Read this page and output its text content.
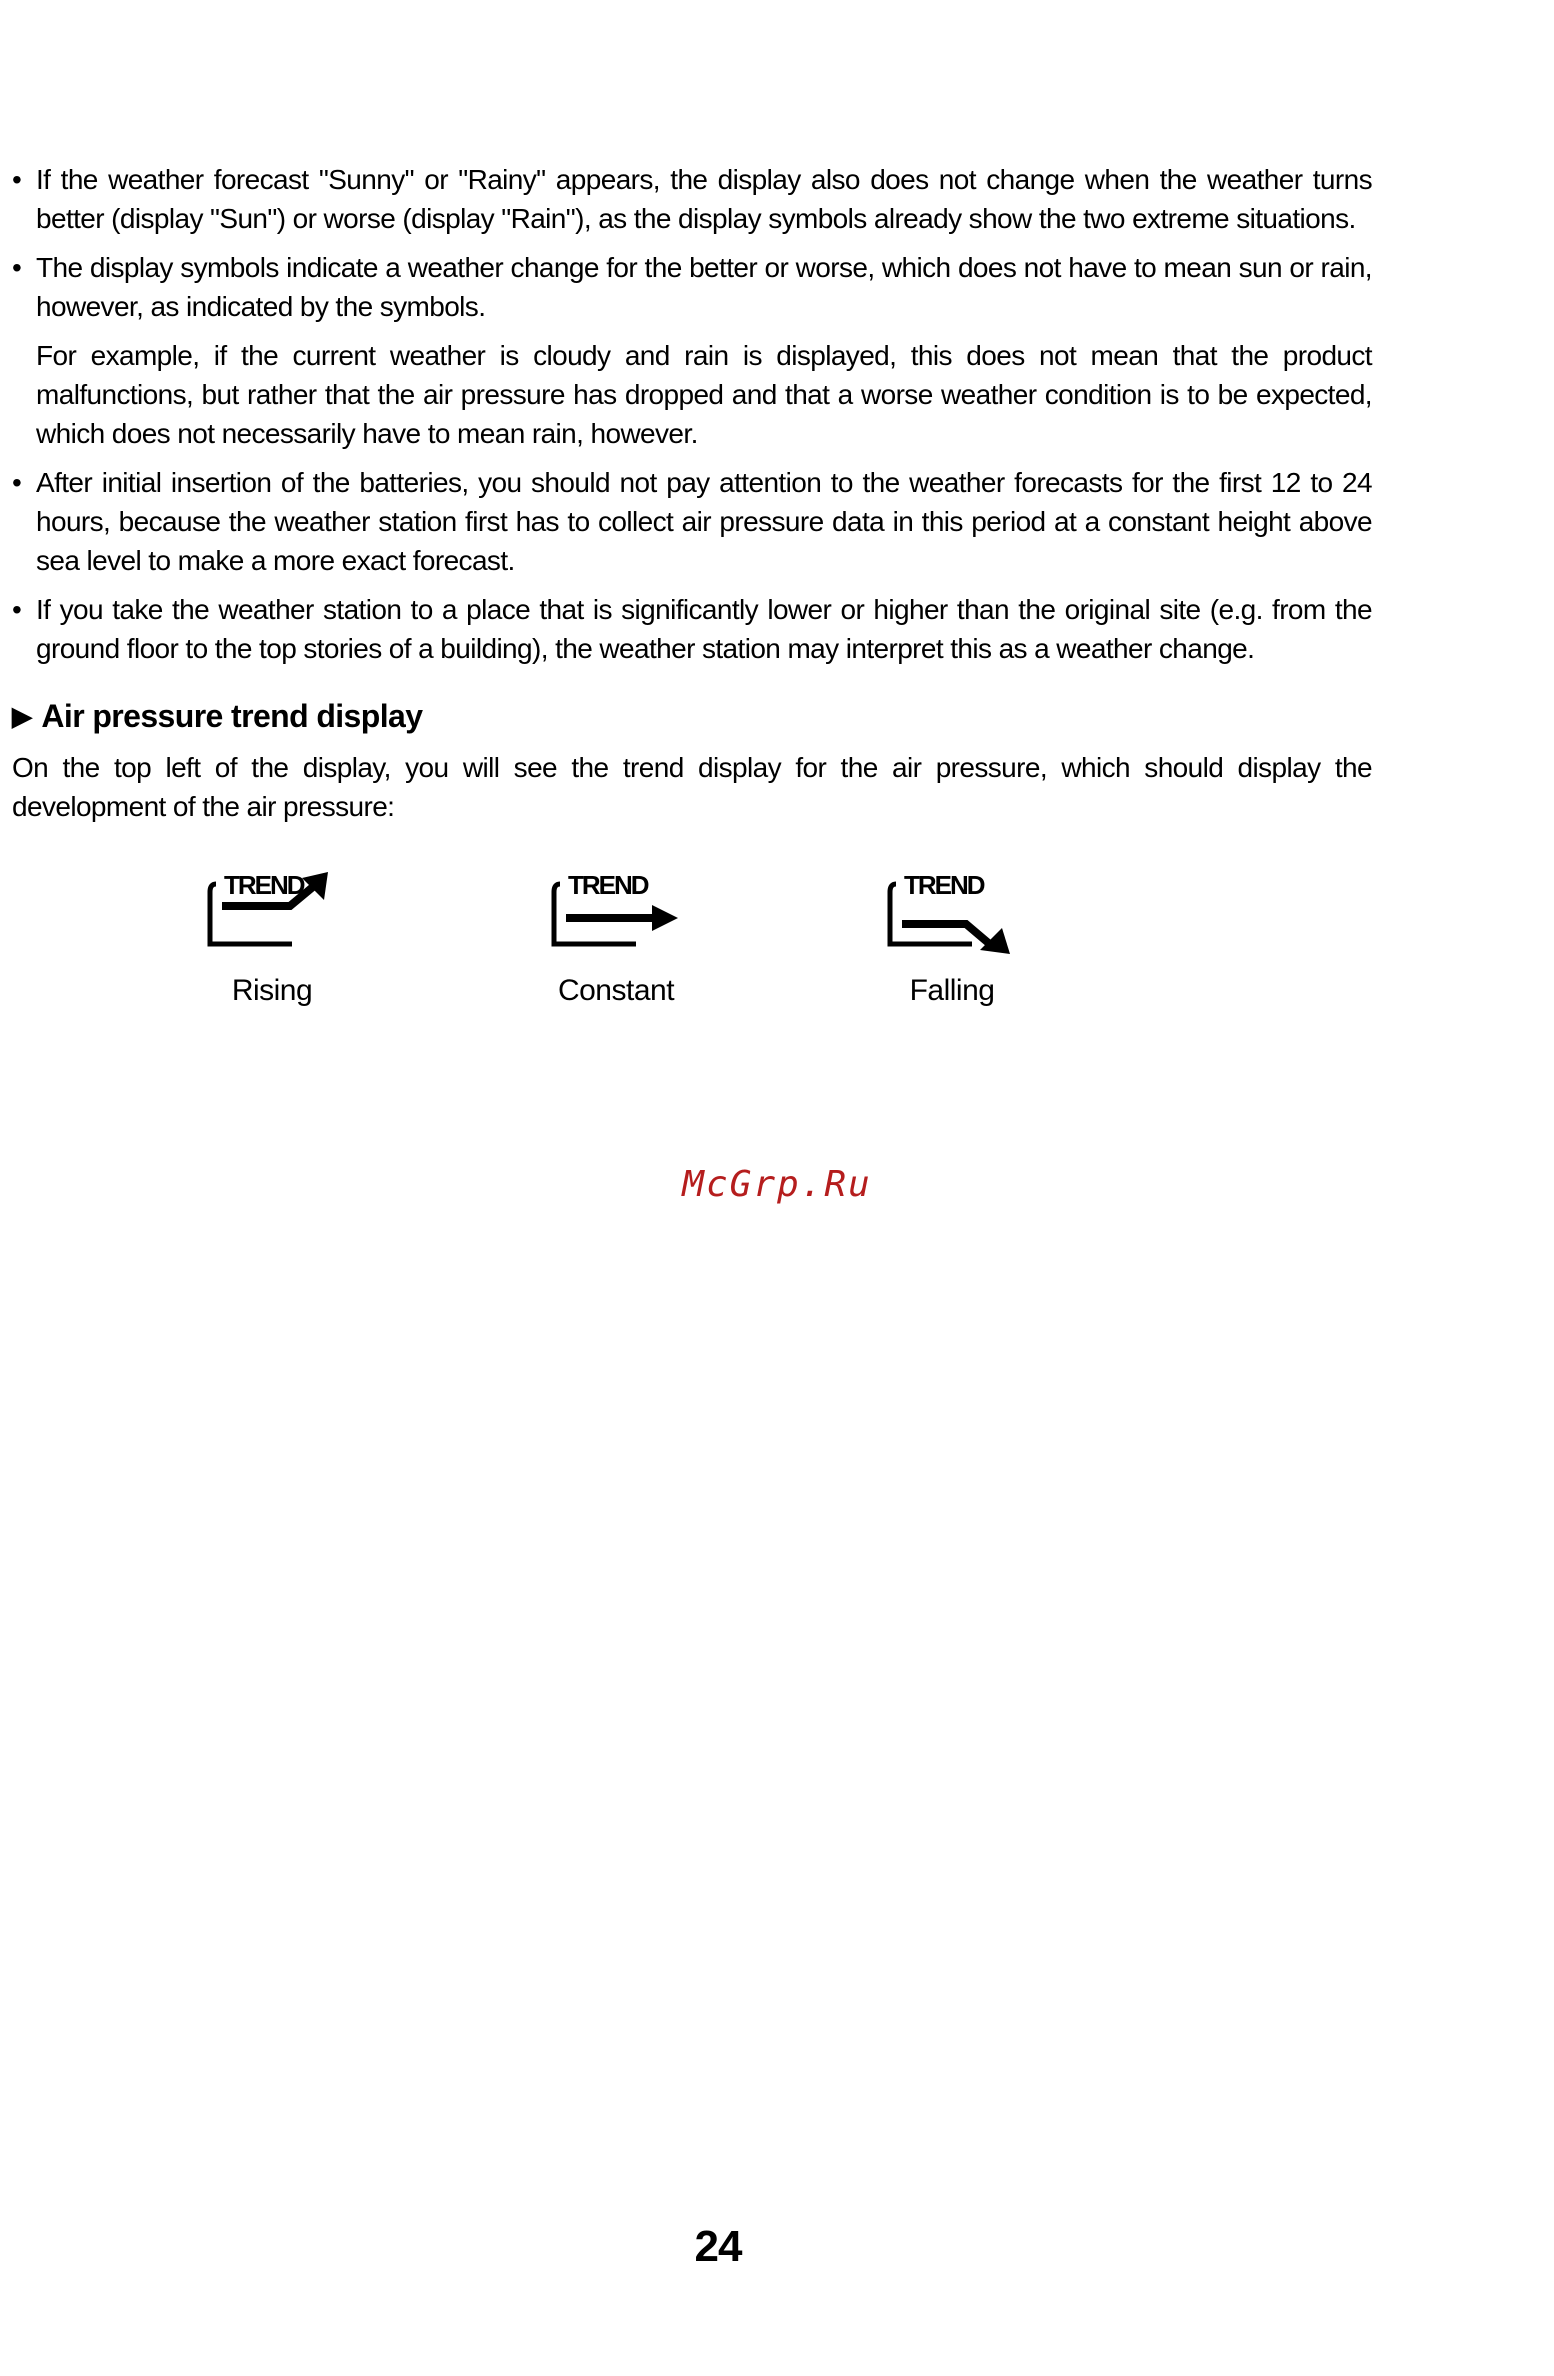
• If the weather forecast "Sunny" or "Rainy" appears, the display also does not change when the weather turns better (display "Sun") or worse (display "Rain"), as the display symbols already show the two extreme situations.

• The display symbols indicate a weather change for the better or worse, which does not have to mean sun or rain, however, as indicated by the symbols.

For example, if the current weather is cloudy and rain is displayed, this does not mean that the product malfunctions, but rather that the air pressure has dropped and that a worse weather condition is to be expected, which does not necessarily have to mean rain, however.

• After initial insertion of the batteries, you should not pay attention to the weather forecasts for the first 12 to 24 hours, because the weather station first has to collect air pressure data in this period at a constant height above sea level to make a more exact forecast.

• If you take the weather station to a place that is significantly lower or higher than the original site (e.g. from the ground floor to the top stories of a building), the weather station may interpret this as a weather change.

▶ Air pressure trend display

On the top left of the display, you will see the trend display for the air pressure, which should display the development of the air pressure:

TREND
Rising
TREND
Constant
TREND
Falling
McGrp.Ru
24
